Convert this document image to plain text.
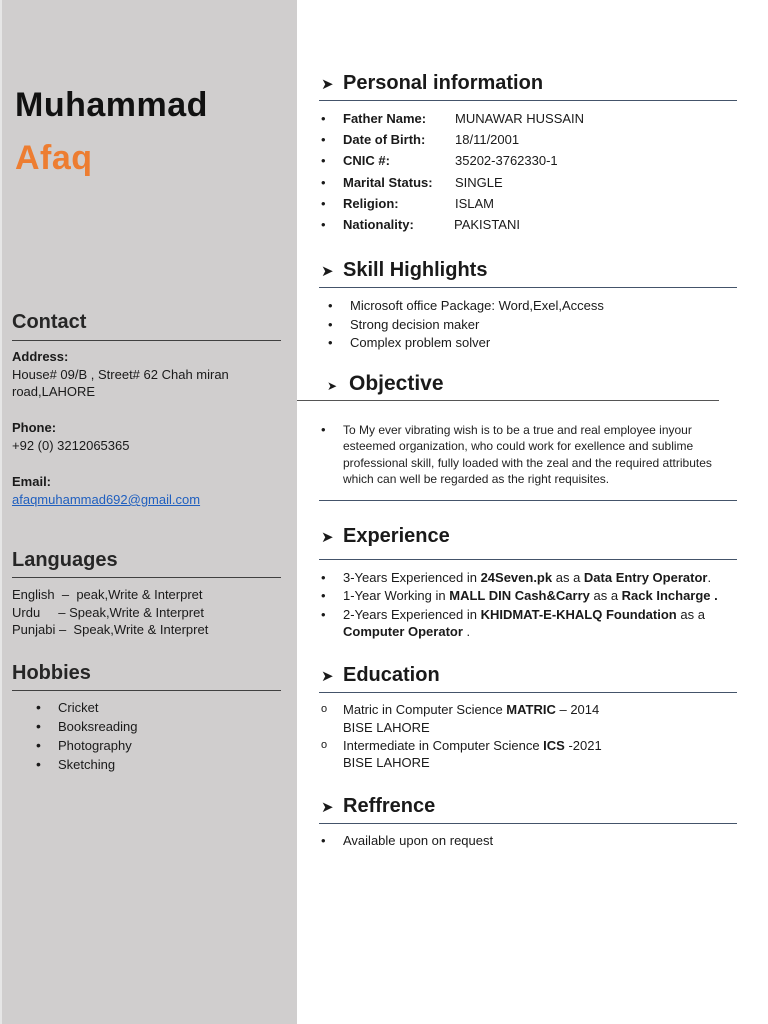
Muhammad
Afaq
Contact
Address:
House# 09/B , Street# 62 Chah miran
road,LAHORE
Phone:
+92 (0) 3212065365
Email:
afaqmuhammad692@gmail.com
Languages
English  –  peak,Write & Interpret
Urdu     – Speak,Write & Interpret
Punjabi –  Speak,Write & Interpret
Hobbies
• Cricket
• Booksreading
• Photography
• Sketching
➤ Personal information
• Father Name: MUNAWAR HUSSAIN
• Date of Birth: 18/11/2001
• CNIC #:	35202-3762330-1
• Marital Status: SINGLE
• Religion:	ISLAM
• Nationality:	PAKISTANI
➤ Skill Highlights
• Microsoft office Package: Word,Exel,Access
• Strong decision maker
• Complex problem solver
➤ Objective
• To My ever vibrating wish is to be a true and real employee inyour esteemed organization, who could work for exellence and sublime professional skill, fully loaded with the zeal and the required attributes which can well be regarded as the right requisites.
➤ Experience
• 3-Years Experienced in 24Seven.pk as a Data Entry Operator.
• 1-Year Working in MALL DIN Cash&Carry as a Rack Incharge .
• 2-Years Experienced in KHIDMAT-E-KHALQ Foundation as a
Computer Operator .
➤ Education
o Matric in Computer Science MATRIC – 2014
BISE LAHORE
o Intermediate in Computer Science ICS -2021
BISE LAHORE
➤ Reffrence
• Available upon on request
